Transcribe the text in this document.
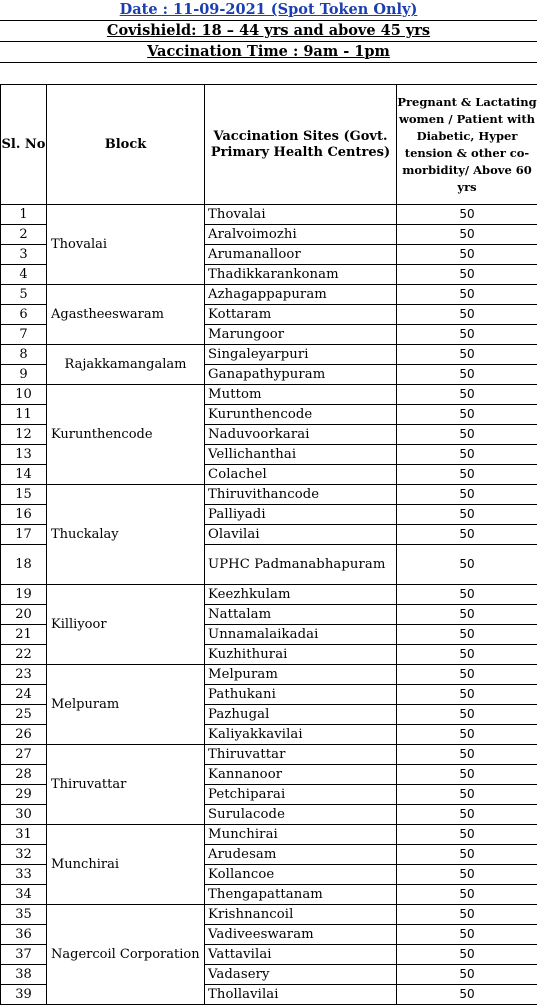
Date : 11-09-2021 (Spot Token Only)
Covishield: 18 – 44 yrs and above 45 yrs
Vaccination Time : 9am - 1pm
Sl. No	Block	Vaccination Sites (Govt. Primary Health Centres)	Pregnant & Lactating women / Patient with Diabetic, Hyper tension & other co-morbidity/ Above 60 yrs
1	Thovalai	Thovalai	50
2		Aralvoimozhi	50
3		Arumanalloor	50
4		Thadikkarankonam	50
5	Agastheeswaram	Azhagappapuram	50
6		Kottaram	50
7		Marungoor	50
8	Rajakkamangalam	Singaleyarpuri	50
9		Ganapathypuram	50
10	Kurunthencode	Muttom	50
11		Kurunthencode	50
12		Naduvoorkarai	50
13		Vellichanthai	50
14		Colachel	50
15	Thuckalay	Thiruvithancode	50
16		Palliyadi	50
17		Olavilai	50
18		UPHC Padmanabhapuram	50
19	Killiyoor	Keezhkulam	50
20		Nattalam	50
21		Unnamalaikadai	50
22		Kuzhithurai	50
23	Melpuram	Melpuram	50
24		Pathukani	50
25		Pazhugal	50
26		Kaliyakkavilai	50
27	Thiruvattar	Thiruvattar	50
28		Kannanoor	50
29		Petchiparai	50
30		Surulacode	50
31	Munchirai	Munchirai	50
32		Arudesam	50
33		Kollancoe	50
34		Thengapattanam	50
35	Nagercoil Corporation	Krishnancoil	50
36		Vadiveeswaram	50
37		Vattavilai	50
38		Vadasery	50
39		Thollavilai	50
